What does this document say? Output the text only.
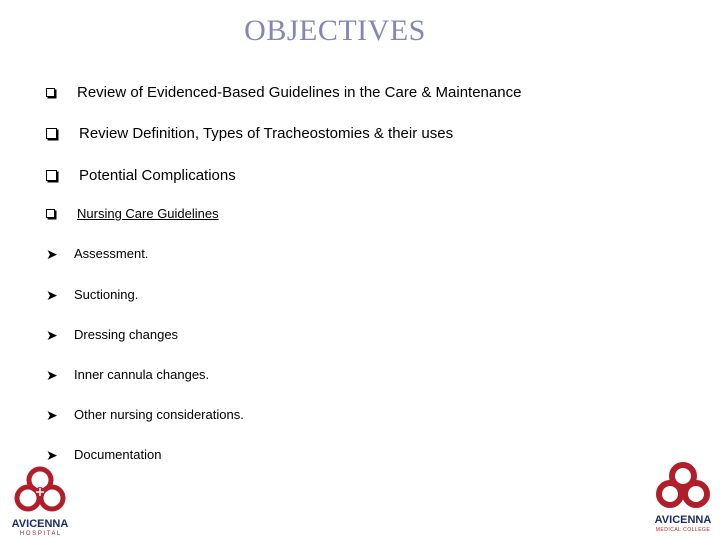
OBJECTIVES
Review of Evidenced-Based Guidelines in the Care & Maintenance
Review Definition, Types of Tracheostomies & their uses
Potential Complications
Nursing Care Guidelines
➤ Assessment.
➤ Suctioning.
➤ Dressing changes
➤ Inner cannula changes.
➤ Other nursing considerations.
➤ Documentation
AVICENNA
H O S P I T A L
AVICENNA
MEDICAL COLLEGE
